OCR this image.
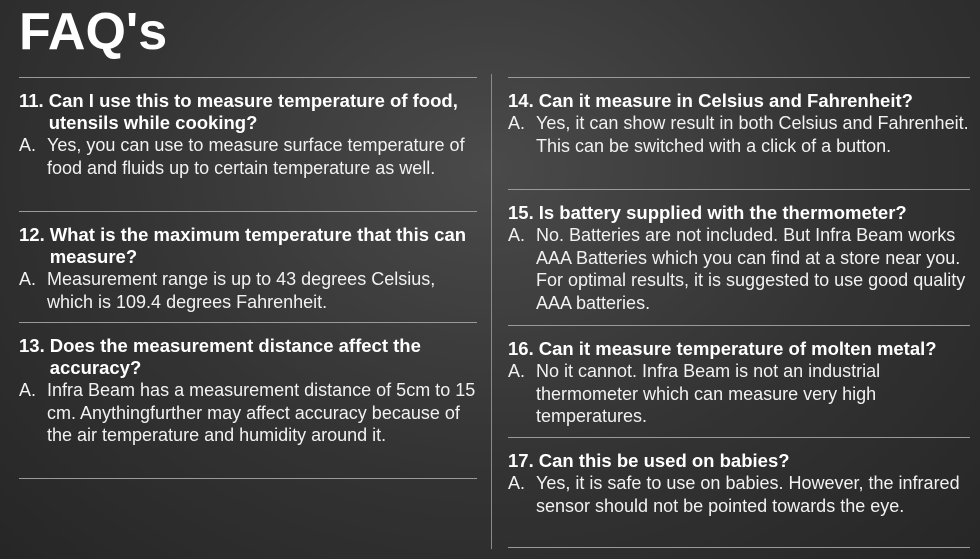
FAQ's
11. Can I use this to measure temperature of food, utensils while cooking?
A. Yes, you can use to measure surface temperature of food and fluids up to certain temperature as well.
12. What is the maximum temperature that this can measure?
A. Measurement range is up to 43 degrees Celsius, which is 109.4 degrees Fahrenheit.
13. Does the measurement distance affect the accuracy?
A. Infra Beam has a measurement distance of 5cm to 15 cm. Anythingfurther may affect accuracy because of the air temperature and humidity around it.
14. Can it measure in Celsius and Fahrenheit?
A. Yes, it can show result in both Celsius and Fahrenheit. This can be switched with a click of a button.
15. Is battery supplied with the thermometer?
A. No. Batteries are not included. But Infra Beam works AAA Batteries which you can find at a store near you. For optimal results, it is suggested to use good quality AAA batteries.
16. Can it measure temperature of molten metal?
A. No it cannot. Infra Beam is not an industrial thermometer which can measure very high temperatures.
17. Can this be used on babies?
A. Yes, it is safe to use on babies. However, the infrared sensor should not be pointed towards the eye.
